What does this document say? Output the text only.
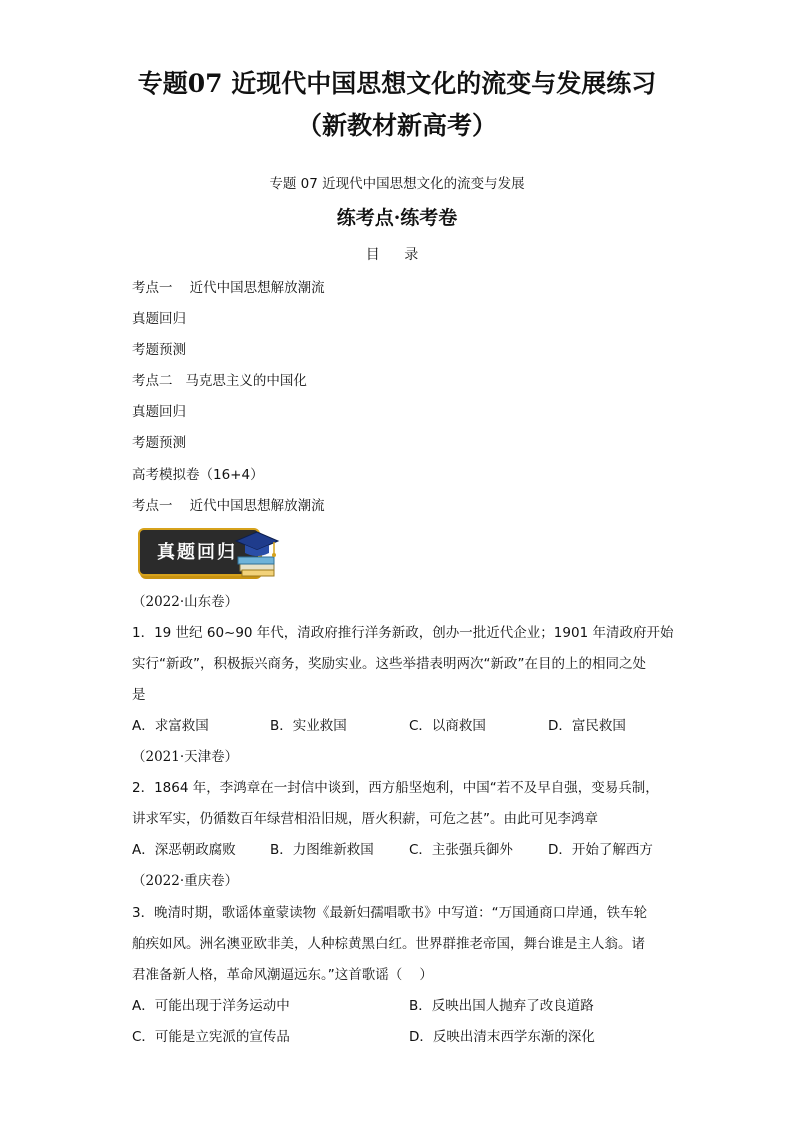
专题07 近现代中国思想文化的流变与发展练习
（新教材新高考）
专题 07 近现代中国思想文化的流变与发展
练考点·练考卷
目 录
考点一    近代中国思想解放潮流
真题回归
考题预测
考点二   马克思主义的中国化
真题回归
考题预测
高考模拟卷（16+4）
考点一    近代中国思想解放潮流
真题回归
（2022·山东卷）
1．19 世纪 60~90 年代，清政府推行洋务新政，创办一批近代企业；1901 年清政府开始
实行“新政”，积极振兴商务，奖励实业。这些举措表明两次“新政”在目的上的相同之处
是
A．求富救国	B．实业救国	C．以商救国	D．富民救国
（2021·天津卷）
2．1864 年，李鸿章在一封信中谈到，西方船坚炮利，中国“若不及早自强，变易兵制，
讲求军实，仍循数百年绿营相沿旧规，厝火积薪，可危之甚”。由此可见李鸿章
A．深恶朝政腐败	B．力图维新救国	C．主张强兵御外	D．开始了解西方
（2022·重庆卷）
3．晚清时期，歌谣体童蒙读物《最新妇孺唱歌书》中写道：“万国通商口岸通，铁车轮
舶疾如风。洲名澳亚欧非美，人种棕黄黑白红。世界群推老帝国，舞台谁是主人翁。诸
君准备新人格，革命风潮逼远东。”这首歌谣（    ）
A．可能出现于洋务运动中	B．反映出国人抛弃了改良道路
C．可能是立宪派的宣传品	D．反映出清末西学东渐的深化
